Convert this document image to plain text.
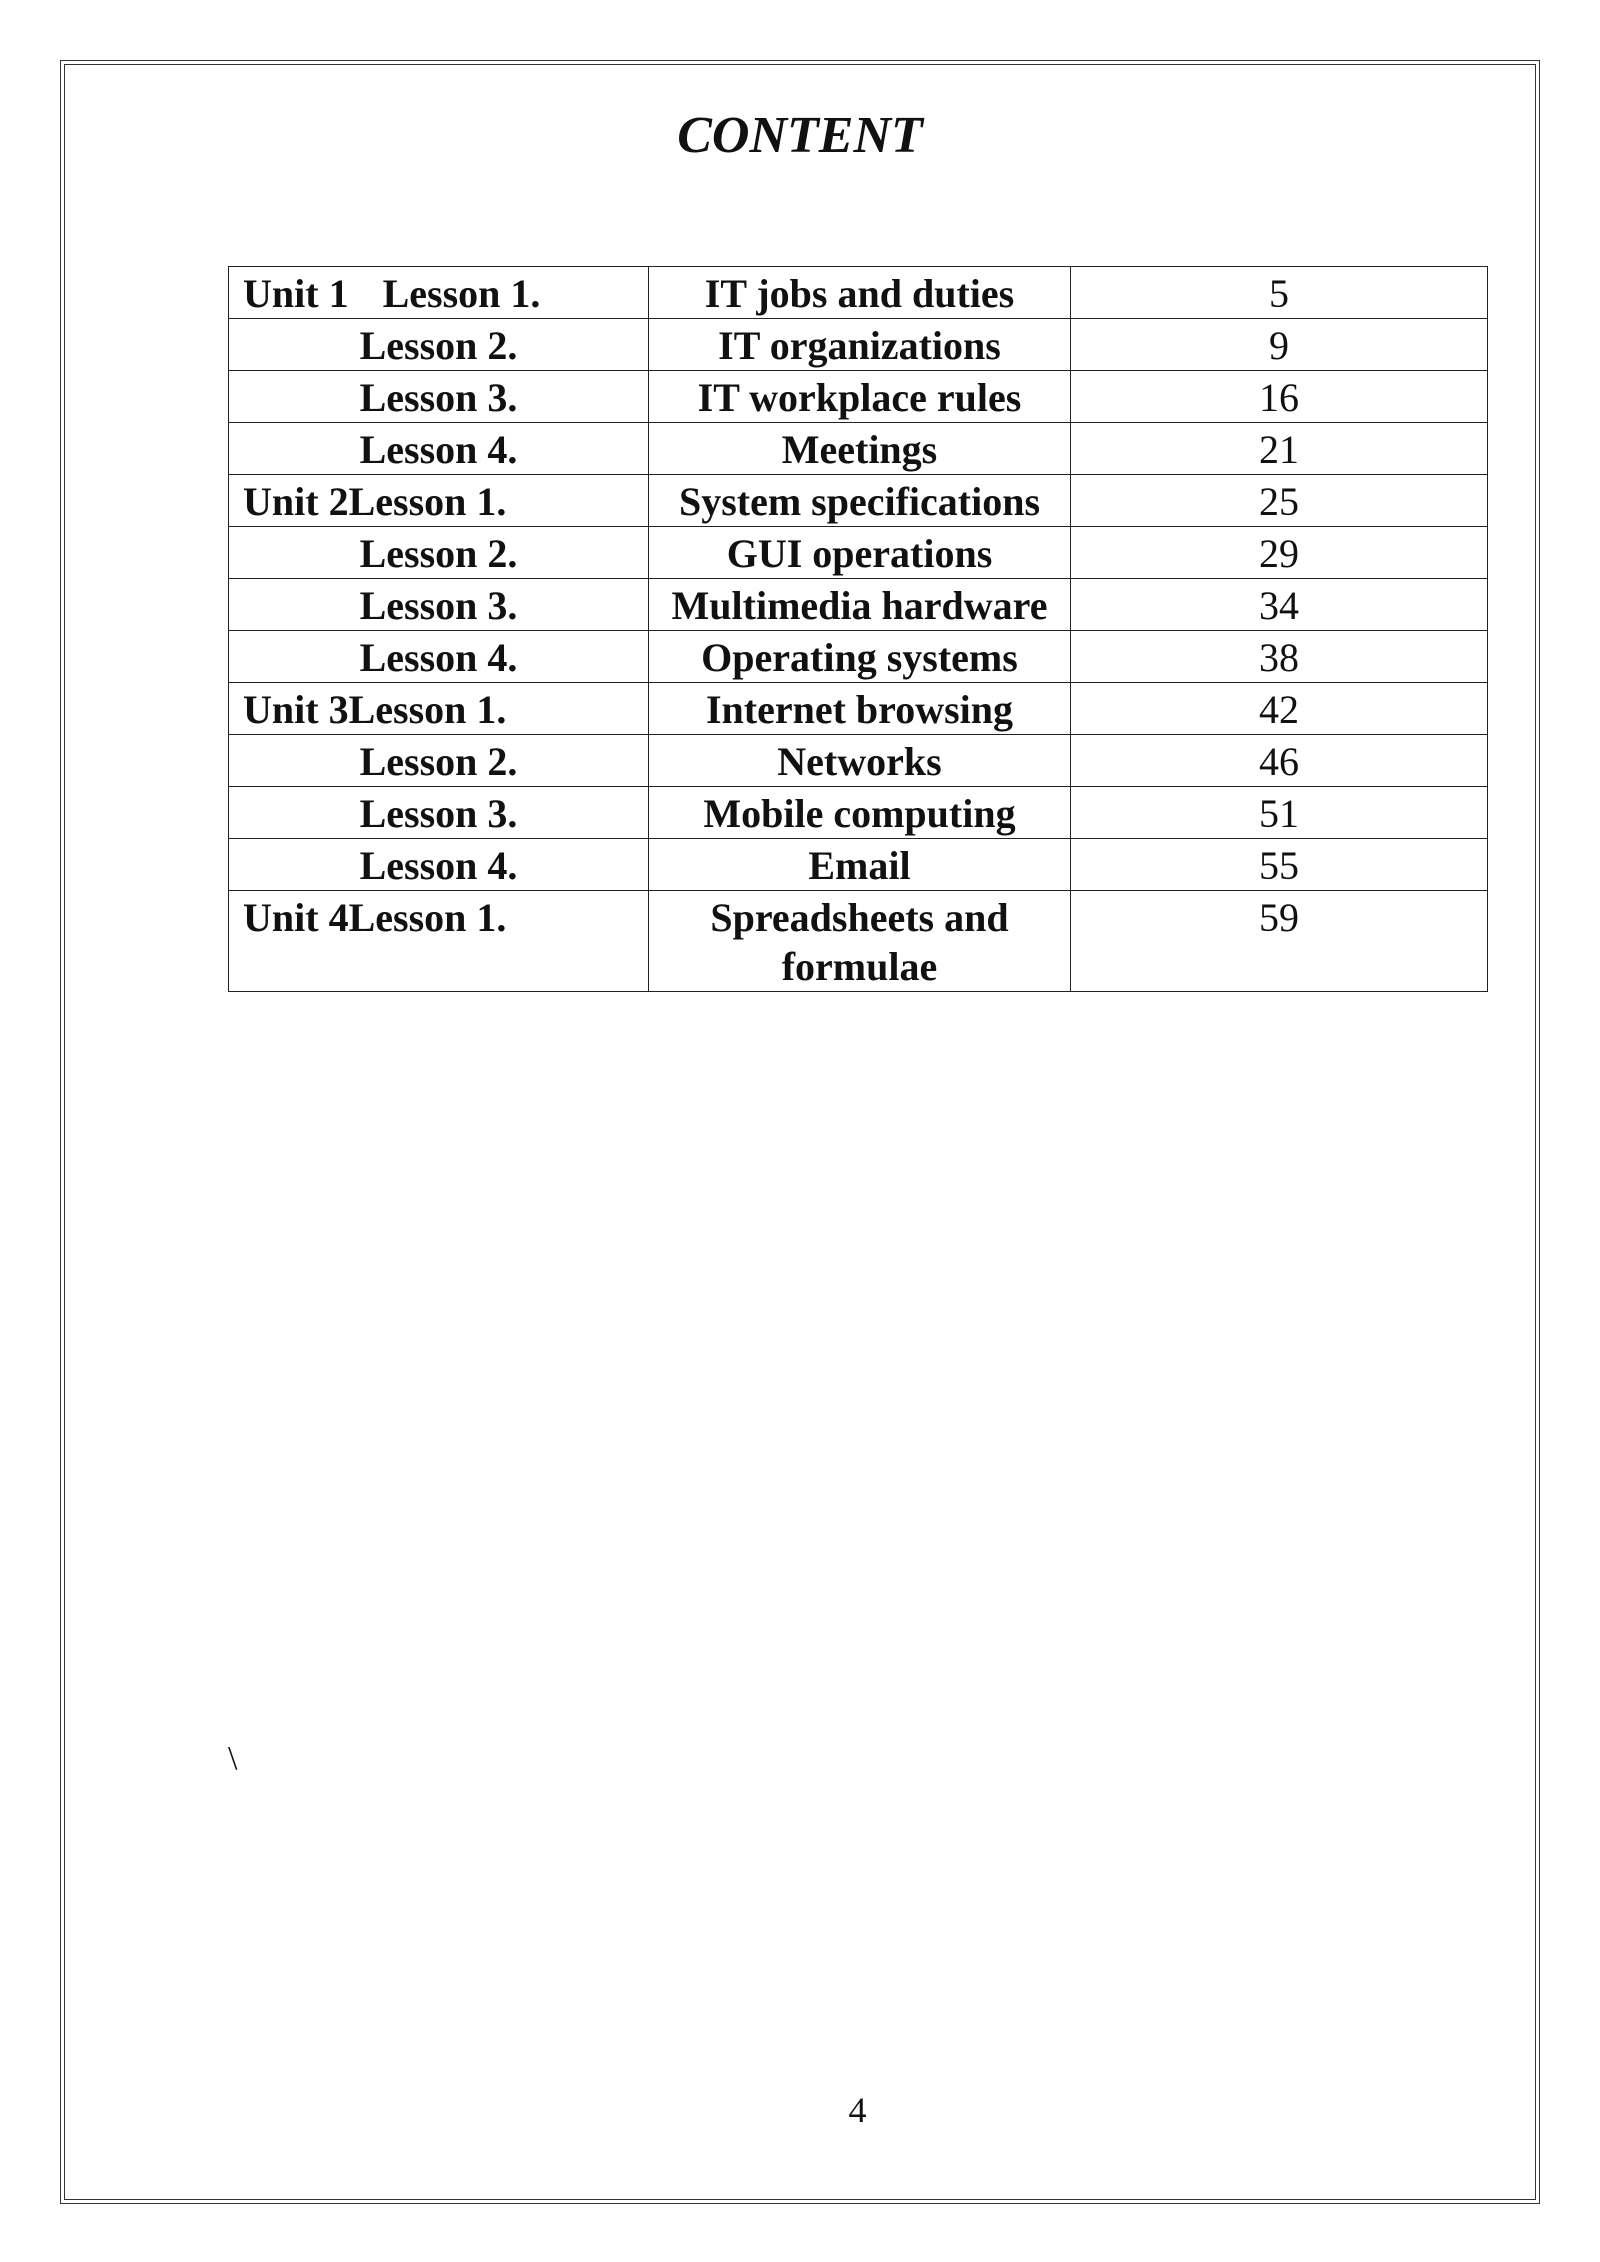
CONTENT
Unit 1 Lesson 1.	IT jobs and duties	5
Lesson 2.	IT organizations	9
Lesson 3.	IT workplace rules	16
Lesson 4.	Meetings	21
Unit 2Lesson 1.	System specifications	25
Lesson 2.	GUI operations	29
Lesson 3.	Multimedia hardware	34
Lesson 4.	Operating systems	38
Unit 3Lesson 1.	Internet browsing	42
Lesson 2.	Networks	46
Lesson 3.	Mobile computing	51
Lesson 4.	Email	55
Unit 4Lesson 1.	Spreadsheets and formulae	59
\
4
